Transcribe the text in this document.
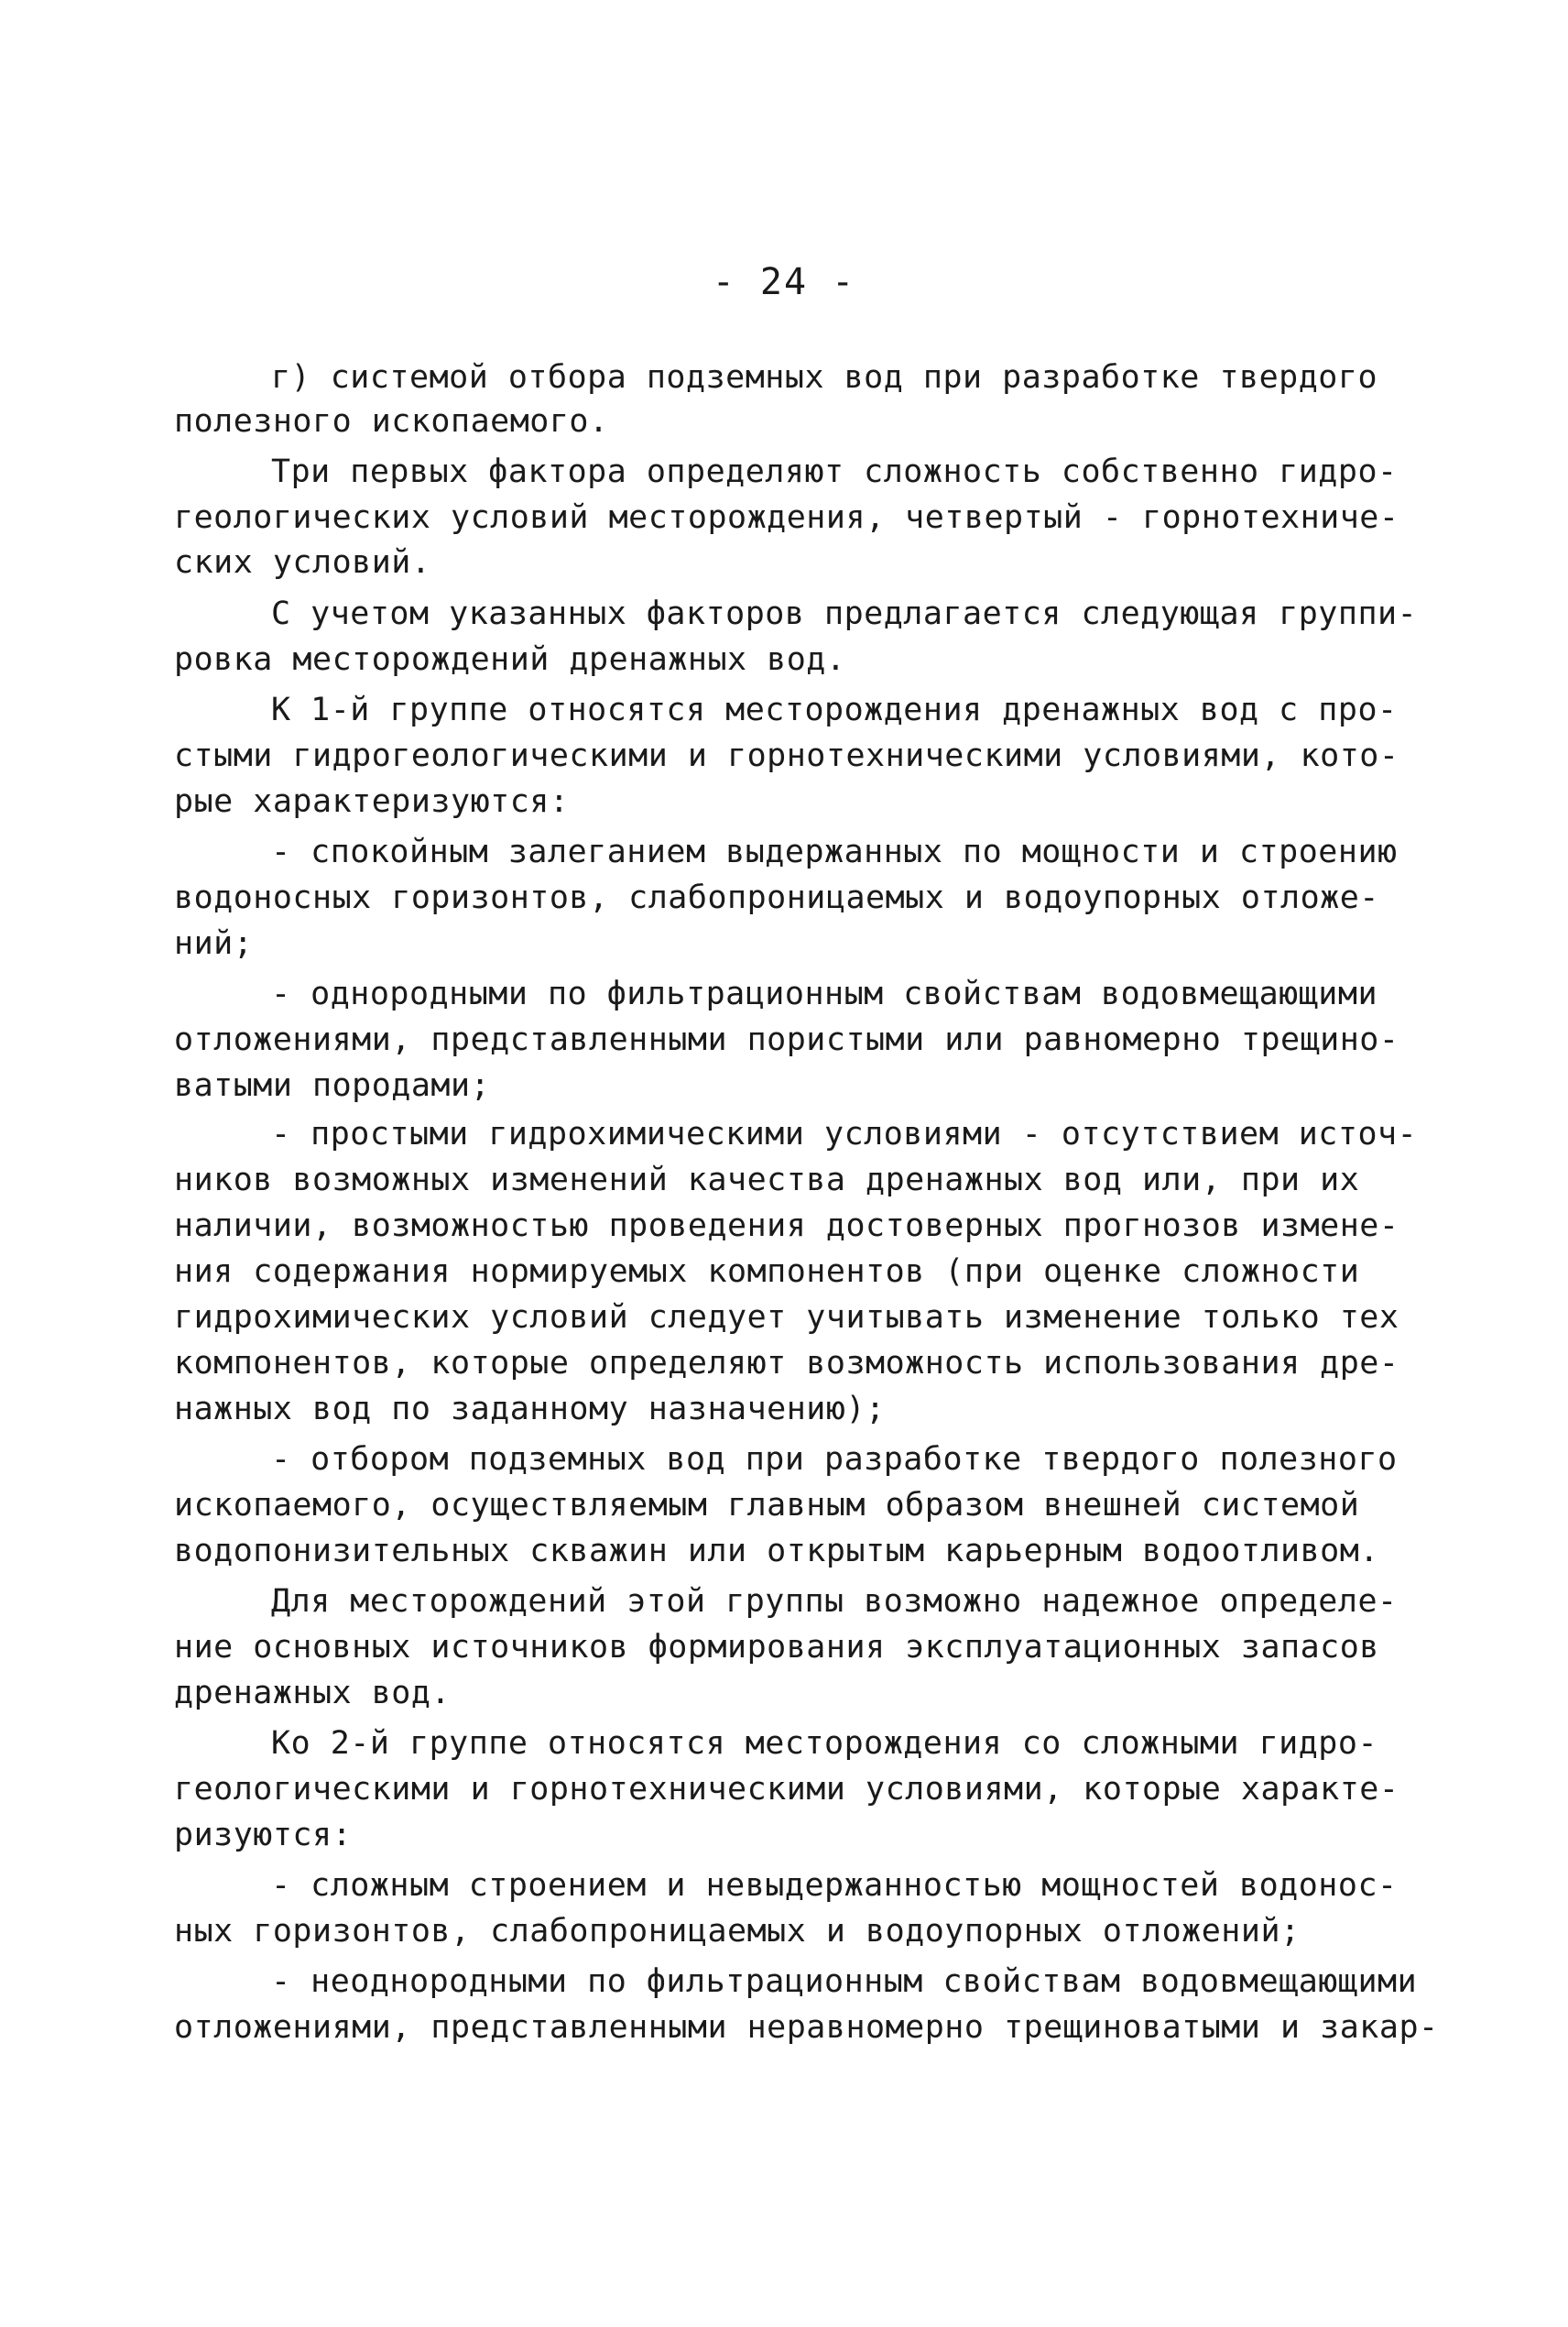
- 24 -
г) системой отбора подземных вод при разработке твердого
полезного ископаемого.
Три первых фактора определяют сложность собственно гидро-
геологических условий месторождения, четвертый - горнотехниче-
ских условий.
С учетом указанных факторов предлагается следующая группи-
ровка месторождений дренажных вод.
К 1-й группе относятся месторождения дренажных вод с про-
стыми гидрогеологическими и горнотехническими условиями, кото-
рые характеризуются:
- спокойным залеганием выдержанных по мощности и строению
водоносных горизонтов, слабопроницаемых и водоупорных отложе-
ний;
- однородными по фильтрационным свойствам водовмещающими
отложениями, представленными пористыми или равномерно трещино-
ватыми породами;
- простыми гидрохимическими условиями - отсутствием источ-
ников возможных изменений качества дренажных вод или, при их
наличии, возможностью проведения достоверных прогнозов измене-
ния содержания нормируемых компонентов (при оценке сложности
гидрохимических условий следует учитывать изменение только тех
компонентов, которые определяют возможность использования дре-
нажных вод по заданному назначению);
- отбором подземных вод при разработке твердого полезного
ископаемого, осуществляемым главным образом внешней системой
водопонизительных скважин или открытым карьерным водоотливом.
Для месторождений этой группы возможно надежное определе-
ние основных источников формирования эксплуатационных запасов
дренажных вод.
Ко 2-й группе относятся месторождения со сложными гидро-
геологическими и горнотехническими условиями, которые характе-
ризуются:
- сложным строением и невыдержанностью мощностей водонос-
ных горизонтов, слабопроницаемых и водоупорных отложений;
- неоднородными по фильтрационным свойствам водовмещающими
отложениями, представленными неравномерно трещиноватыми и закар-
